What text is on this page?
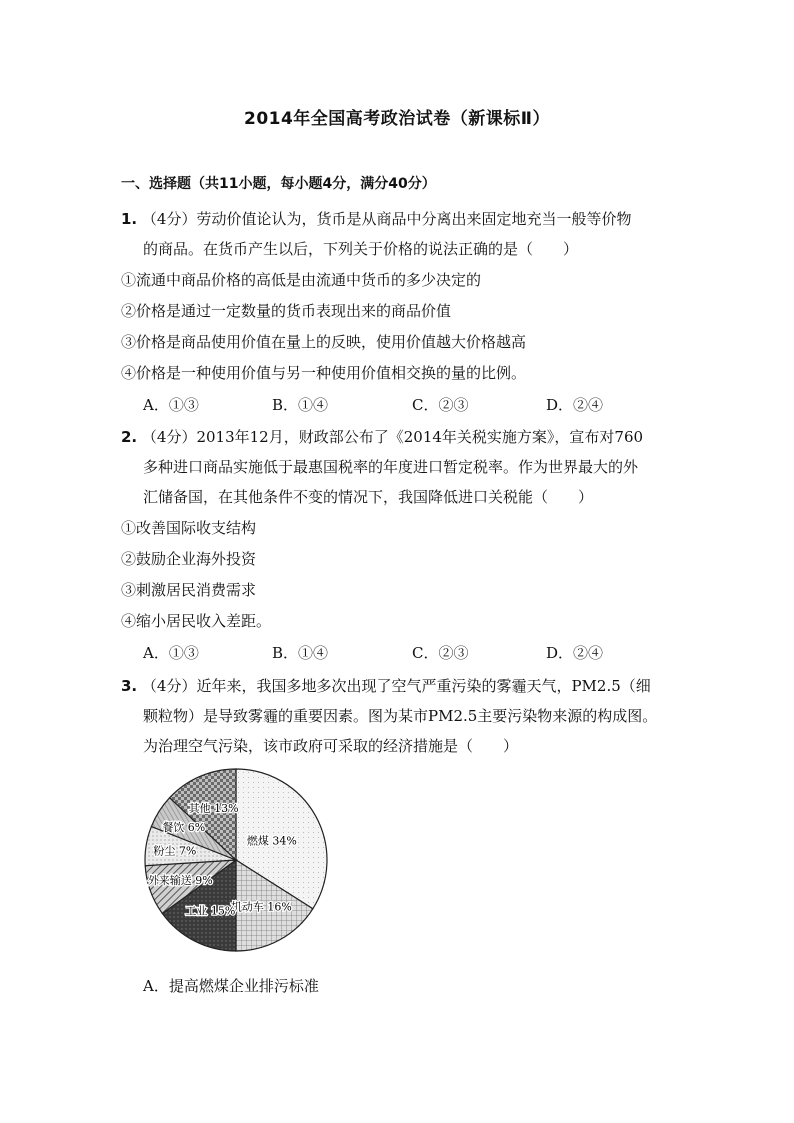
2014年全国高考政治试卷（新课标Ⅱ）
一、选择题（共11小题，每小题4分，满分40分）
1. （4分）劳动价值论认为，货币是从商品中分离出来固定地充当一般等价物
的商品。在货币产生以后，下列关于价格的说法正确的是（　　）
①流通中商品价格的高低是由流通中货币的多少决定的
②价格是通过一定数量的货币表现出来的商品价值
③价格是商品使用价值在量上的反映，使用价值越大价格越高
④价格是一种使用价值与另一种使用价值相交换的量的比例。
A．①③	B．①④	C．②③	D．②④
2. （4分）2013年12月，财政部公布了《2014年关税实施方案》，宣布对760
多种进口商品实施低于最惠国税率的年度进口暂定税率。作为世界最大的外
汇储备国，在其他条件不变的情况下，我国降低进口关税能（　　）
①改善国际收支结构
②鼓励企业海外投资
③刺激居民消费需求
④缩小居民收入差距。
A．①③	B．①④	C．②③	D．②④
3. （4分）近年来，我国多地多次出现了空气严重污染的雾霾天气，PM2.5（细
颗粒物）是导致雾霾的重要因素。图为某市PM2.5主要污染物来源的构成图。
为治理空气污染，该市政府可采取的经济措施是（　　）
燃煤 34%
机动车 16%
工业 15%
外来输送 9%
粉尘 7%
餐饮 6%
其他 13%
A．提高燃煤企业排污标准
